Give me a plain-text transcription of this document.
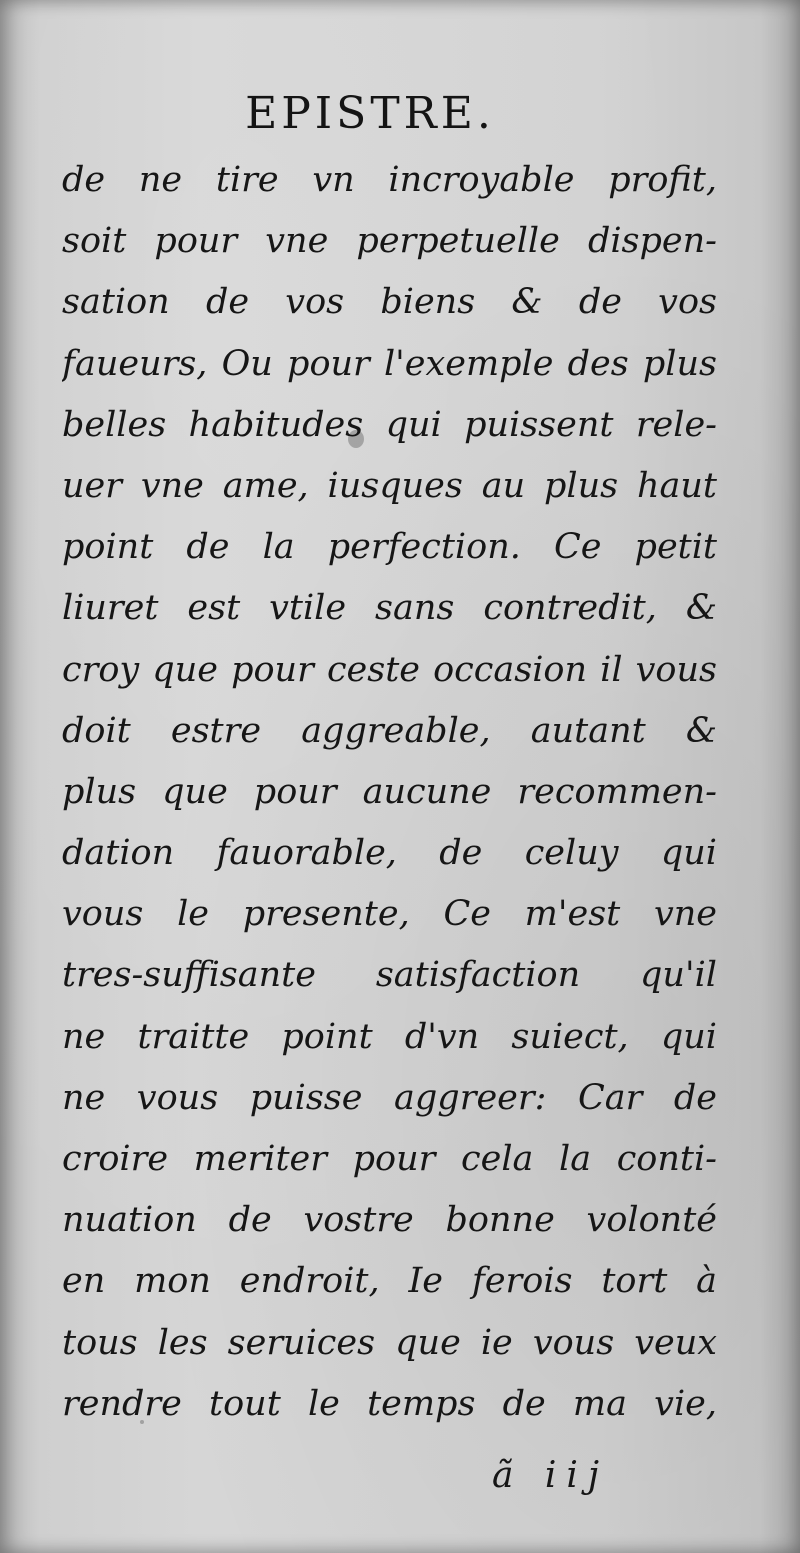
EPISTRE.
de ne tire vn incroyable profit,
soit pour vne perpetuelle dispen-
sation de vos biens & de vos
faueurs, Ou pour l'exemple des plus
belles habitudes qui puissent rele-
uer vne ame, iusques au plus haut
point de la perfection. Ce petit
liuret est vtile sans contredit, &
croy que pour ceste occasion il vous
doit estre aggreable, autant &
plus que pour aucune recommen-
dation fauorable, de celuy qui
vous le presente, Ce m'est vne
tres-suffisante satisfaction qu'il
ne traitte point d'vn suiect, qui
ne vous puisse aggreer: Car de
croire meriter pour cela la conti-
nuation de vostre bonne volonté
en mon endroit, Ie ferois tort à
tous les seruices que ie vous veux
rendre tout le temps de ma vie,
ã iij
